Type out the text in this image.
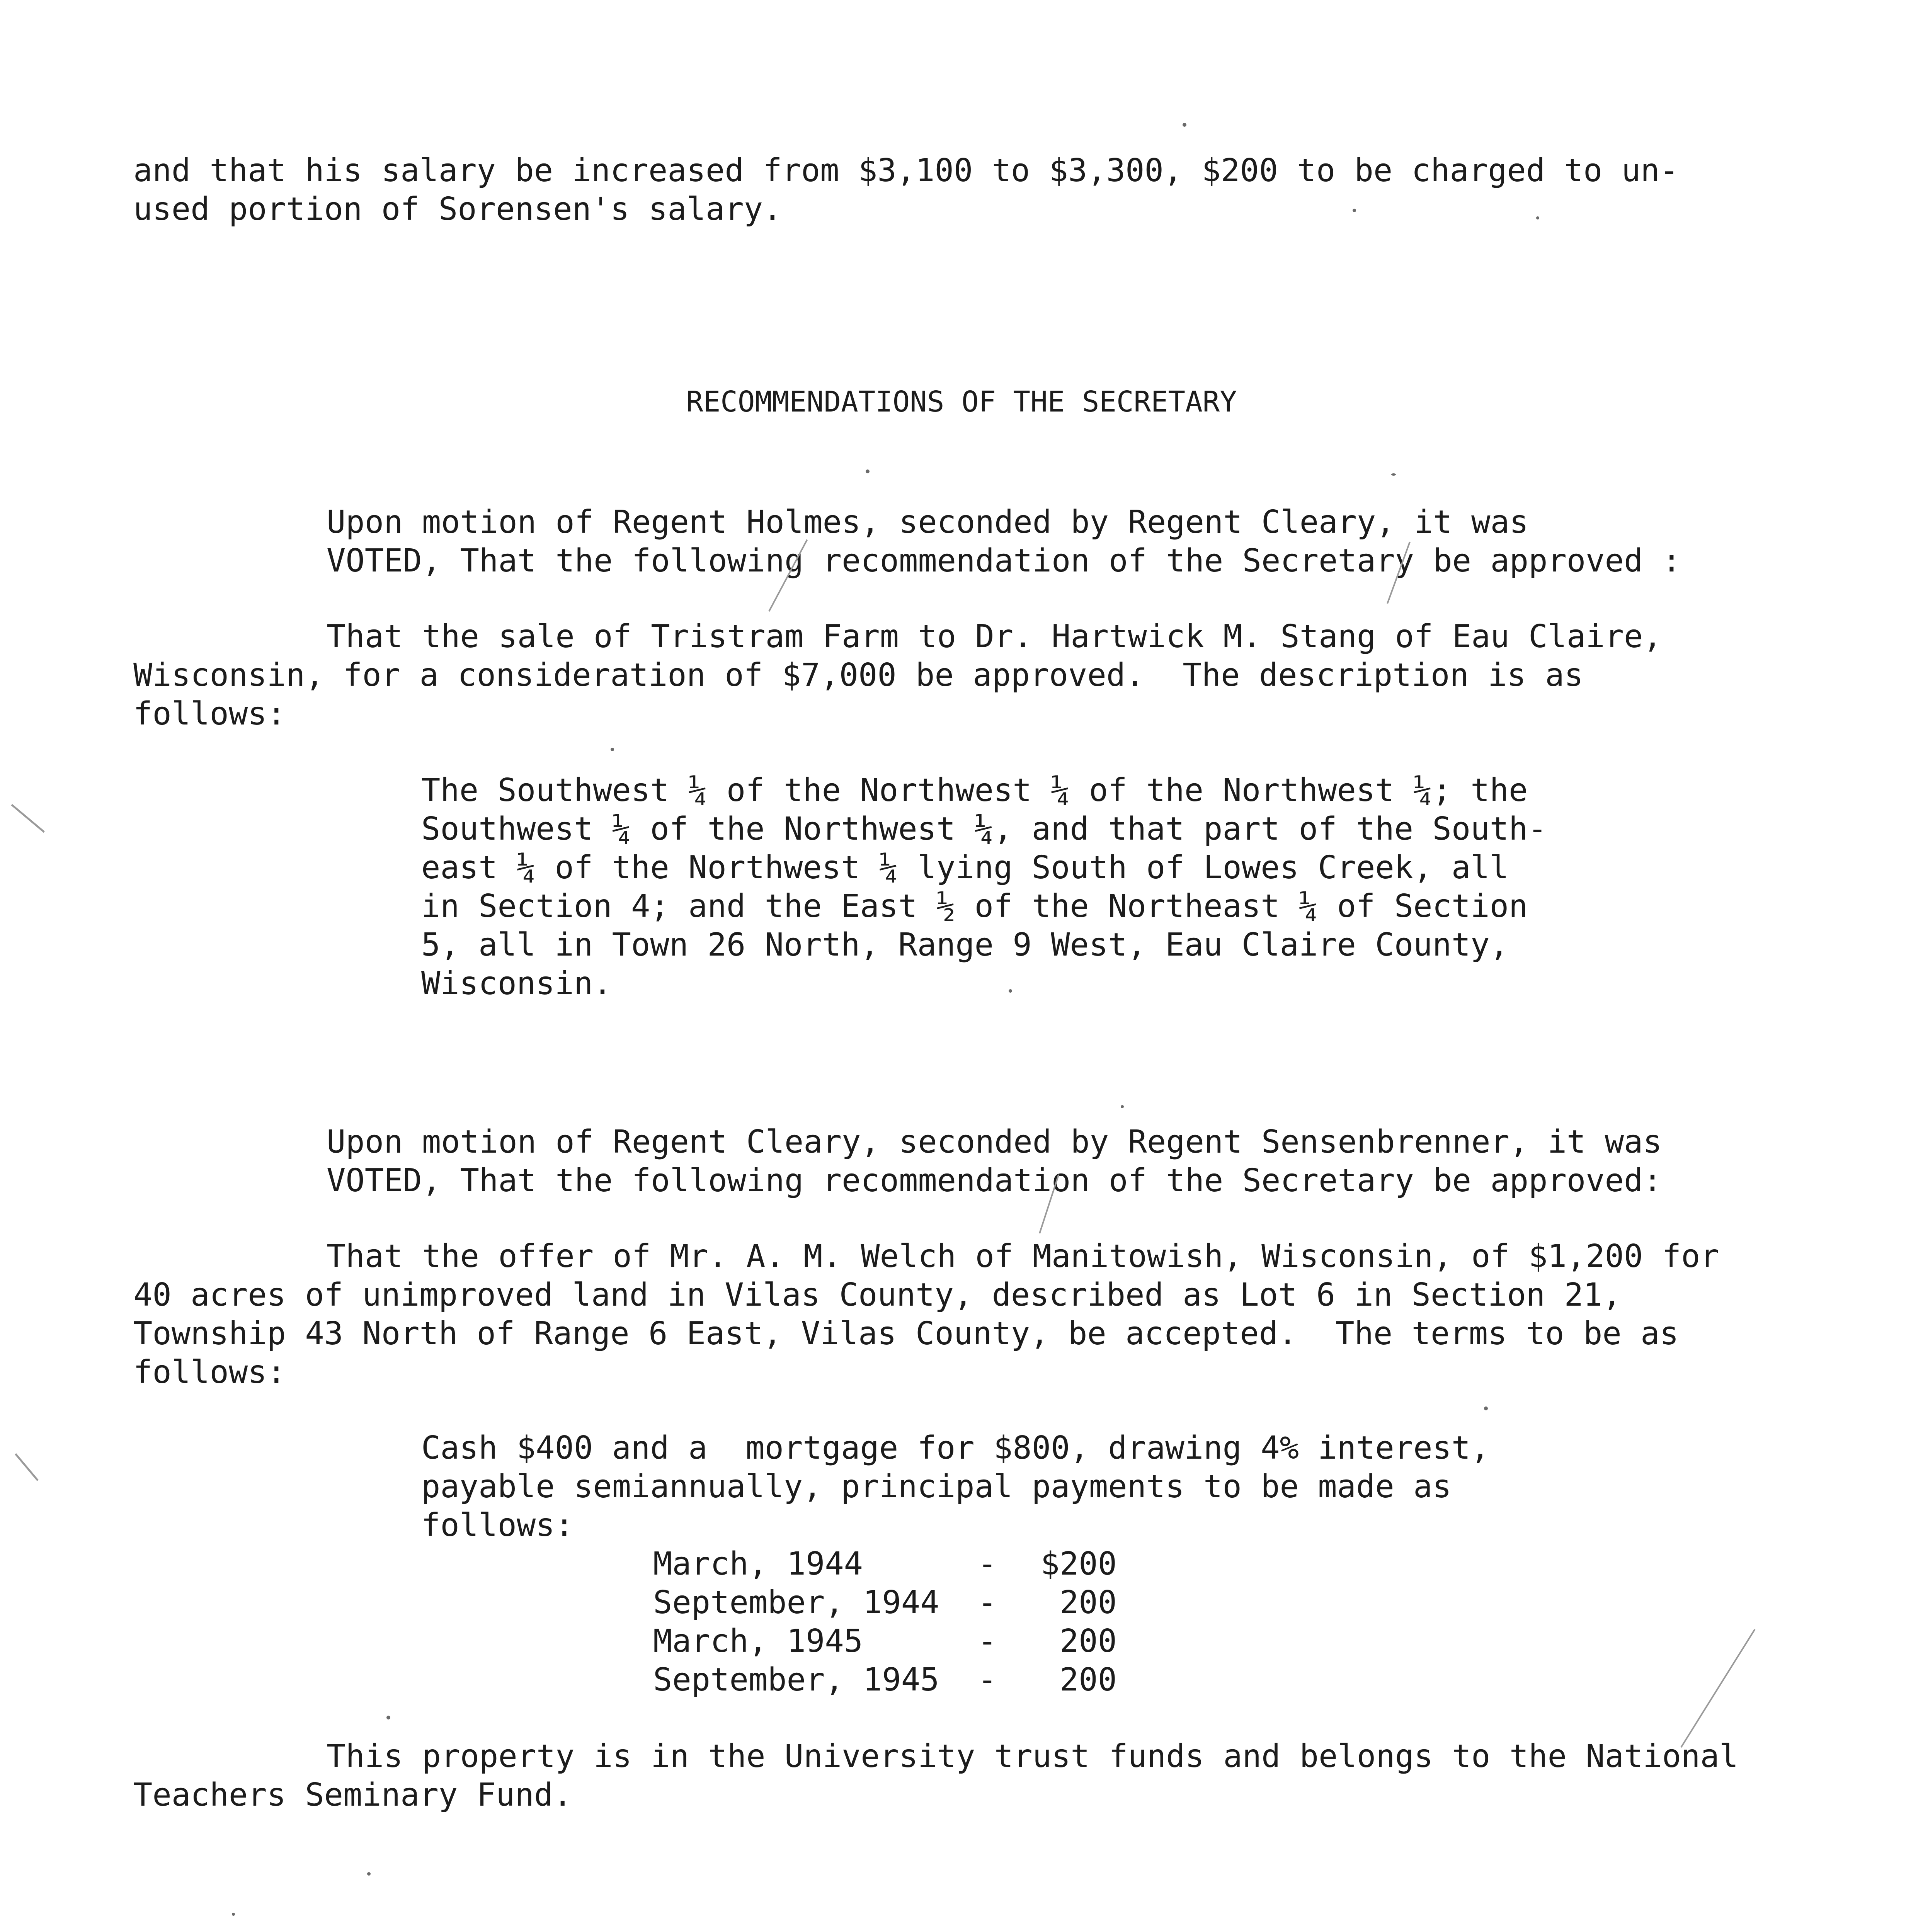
and that his salary be increased from $3,100 to $3,300, $200 to be charged to un-
used portion of Sorensen's salary.
RECOMMENDATIONS OF THE SECRETARY
Upon motion of Regent Holmes, seconded by Regent Cleary, it was
VOTED, That the following recommendation of the Secretary be approved :
That the sale of Tristram Farm to Dr. Hartwick M. Stang of Eau Claire,
Wisconsin, for a consideration of $7,000 be approved.  The description is as
follows:
The Southwest ¼ of the Northwest ¼ of the Northwest ¼; the
Southwest ¼ of the Northwest ¼, and that part of the South-
east ¼ of the Northwest ¼ lying South of Lowes Creek, all
in Section 4; and the East ½ of the Northeast ¼ of Section
5, all in Town 26 North, Range 9 West, Eau Claire County,
Wisconsin.
Upon motion of Regent Cleary, seconded by Regent Sensenbrenner, it was
VOTED, That the following recommendation of the Secretary be approved:
That the offer of Mr. A. M. Welch of Manitowish, Wisconsin, of $1,200 for
40 acres of unimproved land in Vilas County, described as Lot 6 in Section 21,
Township 43 North of Range 6 East, Vilas County, be accepted.  The terms to be as
follows:
Cash $400 and a  mortgage for $800, drawing 4% interest,
payable semiannually, principal payments to be made as
follows:
March, 1944	- $200
September, 1944 -	200
March, 1945	-	200
September, 1945 -	200
This property is in the University trust funds and belongs to the National
Teachers Seminary Fund.
